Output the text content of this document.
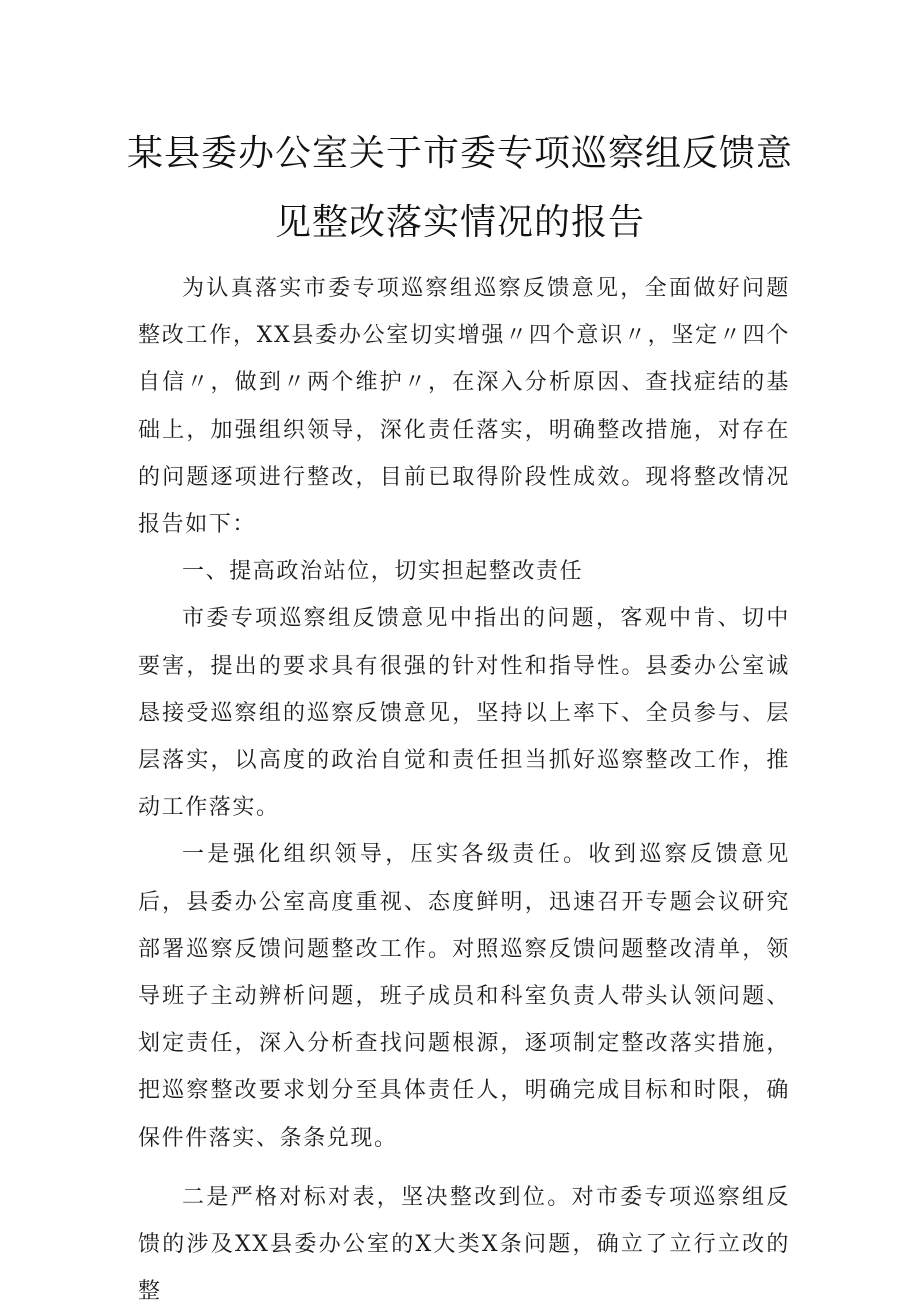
某县委办公室关于市委专项巡察组反馈意
见整改落实情况的报告

为认真落实市委专项巡察组巡察反馈意见，全面做好问题整改工作，XX县委办公室切实增强〃四个意识〃，坚定〃四个自信〃，做到〃两个维护〃，在深入分析原因、查找症结的基础上，加强组织领导，深化责任落实，明确整改措施，对存在的问题逐项进行整改，目前已取得阶段性成效。现将整改情况报告如下：

一、提高政治站位，切实担起整改责任

市委专项巡察组反馈意见中指出的问题，客观中肯、切中要害，提出的要求具有很强的针对性和指导性。县委办公室诚恳接受巡察组的巡察反馈意见，坚持以上率下、全员参与、层层落实，以高度的政治自觉和责任担当抓好巡察整改工作，推动工作落实。

一是强化组织领导，压实各级责任。收到巡察反馈意见后，县委办公室高度重视、态度鲜明，迅速召开专题会议研究部署巡察反馈问题整改工作。对照巡察反馈问题整改清单，领导班子主动辨析问题，班子成员和科室负责人带头认领问题、划定责任，深入分析查找问题根源，逐项制定整改落实措施，把巡察整改要求划分至具体责任人，明确完成目标和时限，确保件件落实、条条兑现。

二是严格对标对表，坚决整改到位。对市委专项巡察组反馈的涉及XX县委办公室的X大类X条问题，确立了立行立改的整
